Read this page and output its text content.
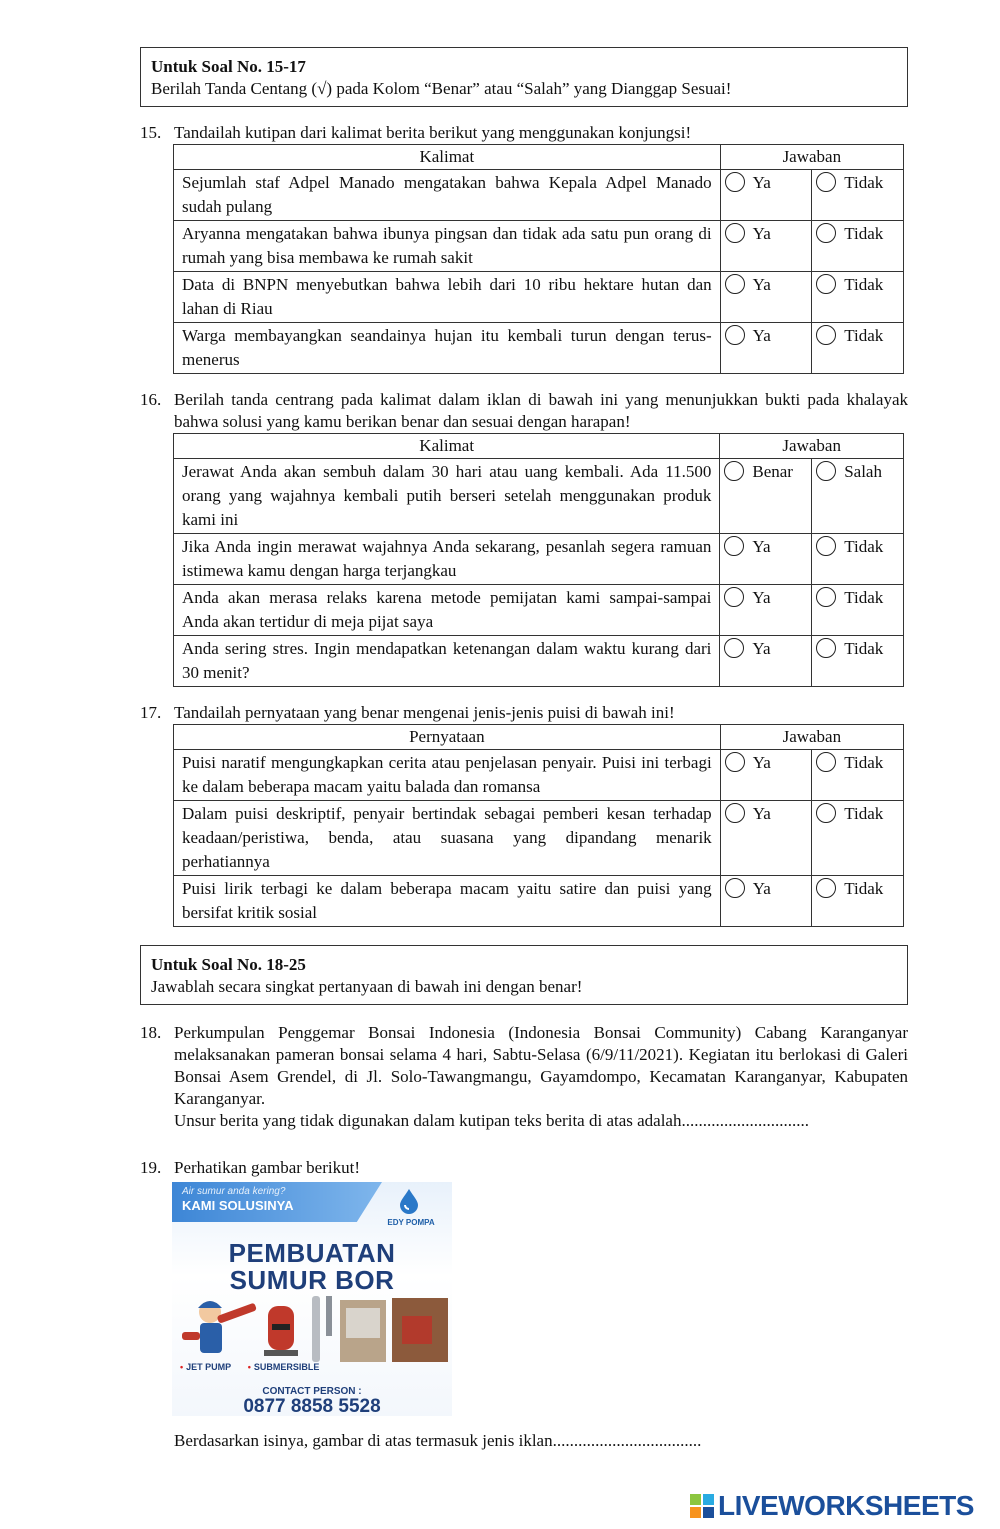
Untuk Soal No. 15-17
Berilah Tanda Centang (√) pada Kolom “Benar” atau “Salah” yang Dianggap Sesuai!
15. Tandailah kutipan dari kalimat berita berikut yang menggunakan konjungsi!
Kalimat	Jawaban	
Sejumlah staf Adpel Manado mengatakan bahwa Kepala Adpel Manado sudah pulang	Ya	Tidak

Aryanna mengatakan bahwa ibunya pingsan dan tidak ada satu pun orang di rumah yang bisa membawa ke rumah sakit	Ya	Tidak

Data di BNPN menyebutkan bahwa lebih dari 10 ribu hektare hutan dan lahan di Riau	Ya	Tidak

Warga membayangkan seandainya hujan itu kembali turun dengan terus-menerus	Ya	Tidak
16. Berilah tanda centrang pada kalimat dalam iklan di bawah ini yang menunjukkan bukti pada khalayak bahwa solusi yang kamu berikan benar dan sesuai dengan harapan!
Kalimat	Jawaban	
Jerawat Anda akan sembuh dalam 30 hari atau uang kembali. Ada 11.500 orang yang wajahnya kembali putih berseri setelah menggunakan produk kami ini	Benar	Salah

Jika Anda ingin merawat wajahnya Anda sekarang, pesanlah segera ramuan istimewa kamu dengan harga terjangkau	Ya	Tidak

Anda akan merasa relaks karena metode pemijatan kami sampai-sampai Anda akan tertidur di meja pijat saya	Ya	Tidak

Anda sering stres. Ingin mendapatkan ketenangan dalam waktu kurang dari 30 menit?	Ya	Tidak
17. Tandailah pernyataan yang benar mengenai jenis-jenis puisi di bawah ini!
Pernyataan	Jawaban	
Puisi naratif mengungkapkan cerita atau penjelasan penyair. Puisi ini terbagi ke dalam beberapa macam yaitu balada dan romansa	Ya	Tidak

Dalam puisi deskriptif, penyair bertindak sebagai pemberi kesan terhadap keadaan/peristiwa, benda, atau suasana yang dipandang menarik perhatiannya	Ya	Tidak

Puisi lirik terbagi ke dalam beberapa macam yaitu satire dan puisi yang bersifat kritik sosial	Ya	Tidak
Untuk Soal No. 18-25
Jawablah secara singkat pertanyaan di bawah ini dengan benar!
18. Perkumpulan Penggemar Bonsai Indonesia (Indonesia Bonsai Community) Cabang Karanganyar melaksanakan pameran bonsai selama 4 hari, Sabtu-Selasa (6/9/11/2021). Kegiatan itu berlokasi di Galeri Bonsai Asem Grendel, di Jl. Solo-Tawangmangu, Gayamdompo, Kecamatan Karanganyar, Kabupaten Karanganyar.
Unsur berita yang tidak digunakan dalam kutipan teks berita di atas adalah..............................
19. Perhatikan gambar berikut!
Air sumur anda kering?
KAMI SOLUSINYA
EDY POMPA
PEMBUATAN
SUMUR BOR
• JET PUMP • SUBMERSIBLE
CONTACT PERSON :
0877 8858 5528
Berdasarkan isinya, gambar di atas termasuk jenis iklan...................................
LIVEWORKSHEETS
